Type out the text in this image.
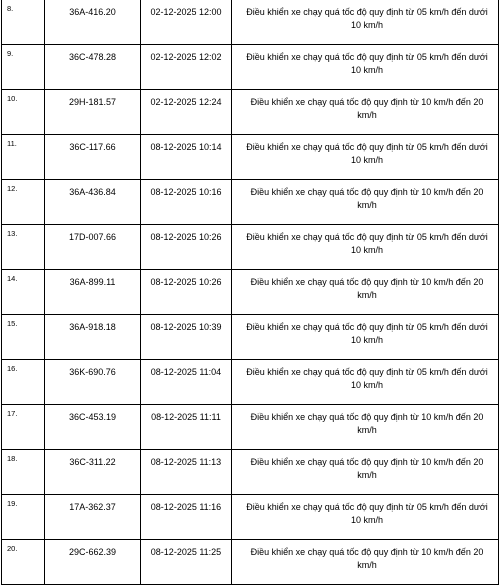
8.	36A-416.20	02-12-2025 12:00	Điều khiển xe chạy quá tốc độ quy định từ 05 km/h đến dưới 10 km/h
9.	36C-478.28	02-12-2025 12:02	Điều khiển xe chạy quá tốc độ quy định từ 05 km/h đến dưới 10 km/h
10.	29H-181.57	02-12-2025 12:24	Điều khiển xe chạy quá tốc độ quy định từ 10 km/h đến 20 km/h
11.	36C-117.66	08-12-2025 10:14	Điều khiển xe chạy quá tốc độ quy định từ 05 km/h đến dưới 10 km/h
12.	36A-436.84	08-12-2025 10:16	Điều khiển xe chạy quá tốc độ quy định từ 10 km/h đến 20 km/h
13.	17D-007.66	08-12-2025 10:26	Điều khiển xe chạy quá tốc độ quy định từ 05 km/h đến dưới 10 km/h
14.	36A-899.11	08-12-2025 10:26	Điều khiển xe chạy quá tốc độ quy định từ 10 km/h đến 20 km/h
15.	36A-918.18	08-12-2025 10:39	Điều khiển xe chạy quá tốc độ quy định từ 05 km/h đến dưới 10 km/h
16.	36K-690.76	08-12-2025 11:04	Điều khiển xe chạy quá tốc độ quy định từ 05 km/h đến dưới 10 km/h
17.	36C-453.19	08-12-2025 11:11	Điều khiển xe chạy quá tốc độ quy định từ 10 km/h đến 20 km/h
18.	36C-311.22	08-12-2025 11:13	Điều khiển xe chạy quá tốc độ quy định từ 10 km/h đến 20 km/h
19.	17A-362.37	08-12-2025 11:16	Điều khiển xe chạy quá tốc độ quy định từ 05 km/h đến dưới 10 km/h
20.	29C-662.39	08-12-2025 11:25	Điều khiển xe chạy quá tốc độ quy định từ 10 km/h đến 20 km/h
